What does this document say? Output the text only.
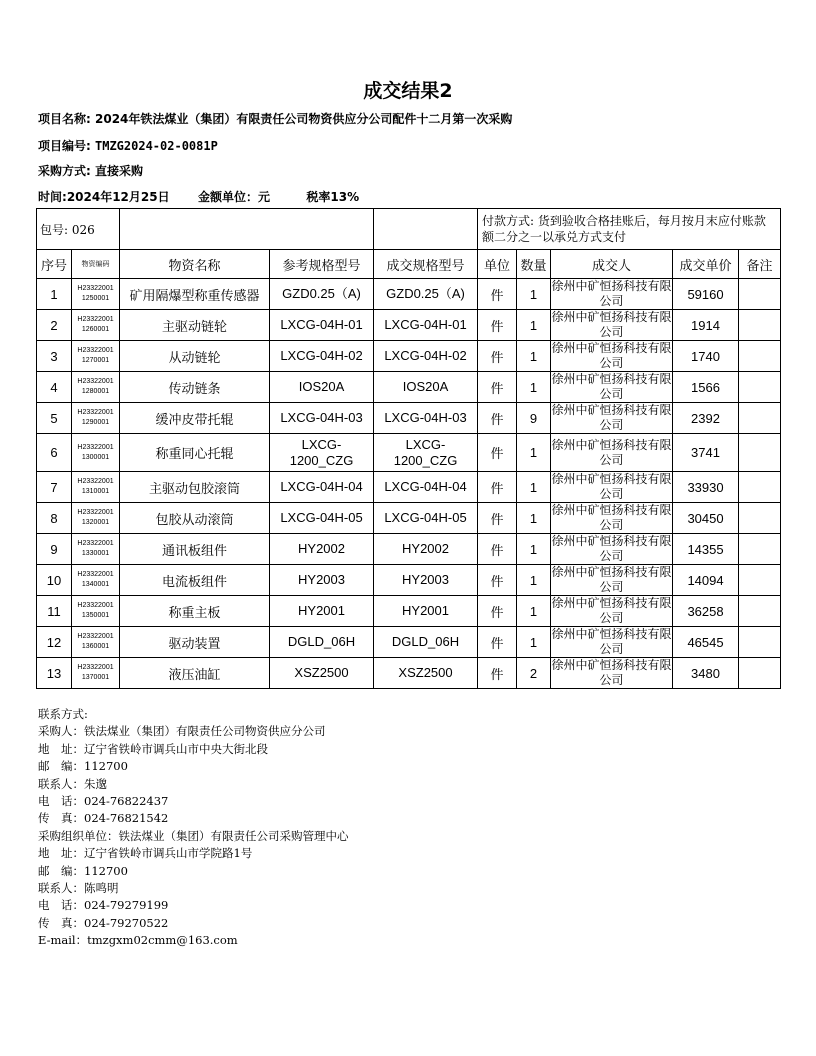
成交结果2
项目名称: 2024年铁法煤业（集团）有限责任公司物资供应分公司配件十二月第一次采购
项目编号: TMZG2024-02-0081P
采购方式: 直接采购
时间:2024年12月25日 金额单位：元	税率13%
包号: 026					付款方式: 货到验收合格挂账后，每月按月末应付账款额二分之一以承兑方式支付				
序号	物资编码	物资名称	参考规格型号	成交规格型号	单位	数量	成交人	成交单价	备注
1	H23322001 1250001	矿用隔爆型称重传感器	GZD0.25（A)	GZD0.25（A)	件	1	徐州中矿恒扬科技有限公司	59160	
2	H23322001 1260001	主驱动链轮	LXCG-04H-01	LXCG-04H-01	件	1	徐州中矿恒扬科技有限公司	1914	
3	H23322001 1270001	从动链轮	LXCG-04H-02	LXCG-04H-02	件	1	徐州中矿恒扬科技有限公司	1740	
4	H23322001 1280001	传动链条	IOS20A	IOS20A	件	1	徐州中矿恒扬科技有限公司	1566	
5	H23322001 1290001	缓冲皮带托辊	LXCG-04H-03	LXCG-04H-03	件	9	徐州中矿恒扬科技有限公司	2392	
6	H23322001 1300001	称重同心托辊	LXCG-1200_CZG	LXCG-1200_CZG	件	1	徐州中矿恒扬科技有限公司	3741	
7	H23322001 1310001	主驱动包胶滚筒	LXCG-04H-04	LXCG-04H-04	件	1	徐州中矿恒扬科技有限公司	33930	
8	H23322001 1320001	包胶从动滚筒	LXCG-04H-05	LXCG-04H-05	件	1	徐州中矿恒扬科技有限公司	30450	
9	H23322001 1330001	通讯板组件	HY2002	HY2002	件	1	徐州中矿恒扬科技有限公司	14355	
10	H23322001 1340001	电流板组件	HY2003	HY2003	件	1	徐州中矿恒扬科技有限公司	14094	
11	H23322001 1350001	称重主板	HY2001	HY2001	件	1	徐州中矿恒扬科技有限公司	36258	
12	H23322001 1360001	驱动装置	DGLD_06H	DGLD_06H	件	1	徐州中矿恒扬科技有限公司	46545	
13	H23322001 1370001	液压油缸	XSZ2500	XSZ2500	件	2	徐州中矿恒扬科技有限公司	3480	
联系方式:
采购人：铁法煤业（集团）有限责任公司物资供应分公司
地　址：辽宁省铁岭市调兵山市中央大街北段
邮　编：112700
联系人：朱邈
电　话：024-76822437
传　真：024-76821542
采购组织单位：铁法煤业（集团）有限责任公司采购管理中心
地　址：辽宁省铁岭市调兵山市学院路1号
邮　编：112700
联系人：陈鸣明
电　话：024-79279199
传　真：024-79270522
E-mail：tmzgxm02cmm@163.com
